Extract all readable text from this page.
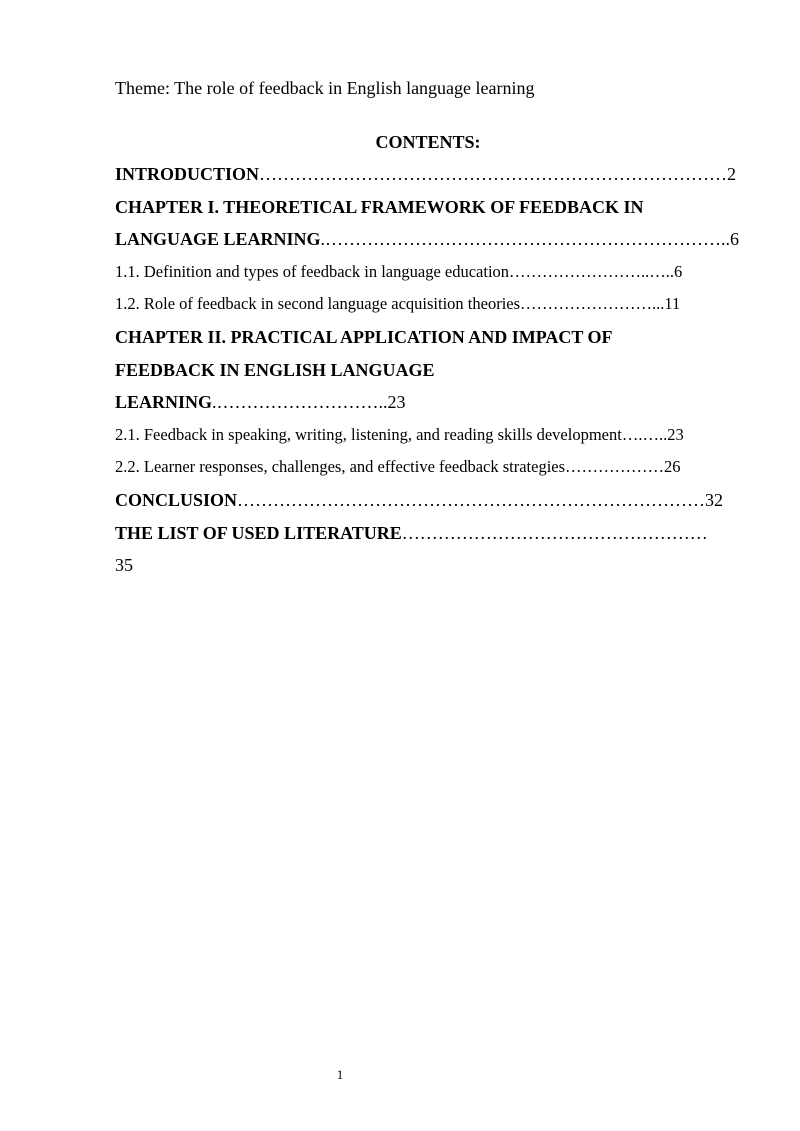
Theme: The role of feedback in English language learning
CONTENTS:
INTRODUCTION……………………………………………………………………2
CHAPTER I. THEORETICAL FRAMEWORK OF FEEDBACK IN
LANGUAGE LEARNING.…………………………………………………………..6
1.1. Definition and types of feedback in language education……………………..…..6
1.2. Role of feedback in second language acquisition theories……………………...11
CHAPTER II. PRACTICAL APPLICATION AND IMPACT OF
FEEDBACK IN ENGLISH LANGUAGE
LEARNING.………………………..23
2.1. Feedback in speaking, writing, listening, and reading skills development….…..23
2.2. Learner responses, challenges, and effective feedback strategies………………26
CONCLUSION……………………………………………………………………32
THE LIST OF USED LITERATURE……………………………………………
35
1
